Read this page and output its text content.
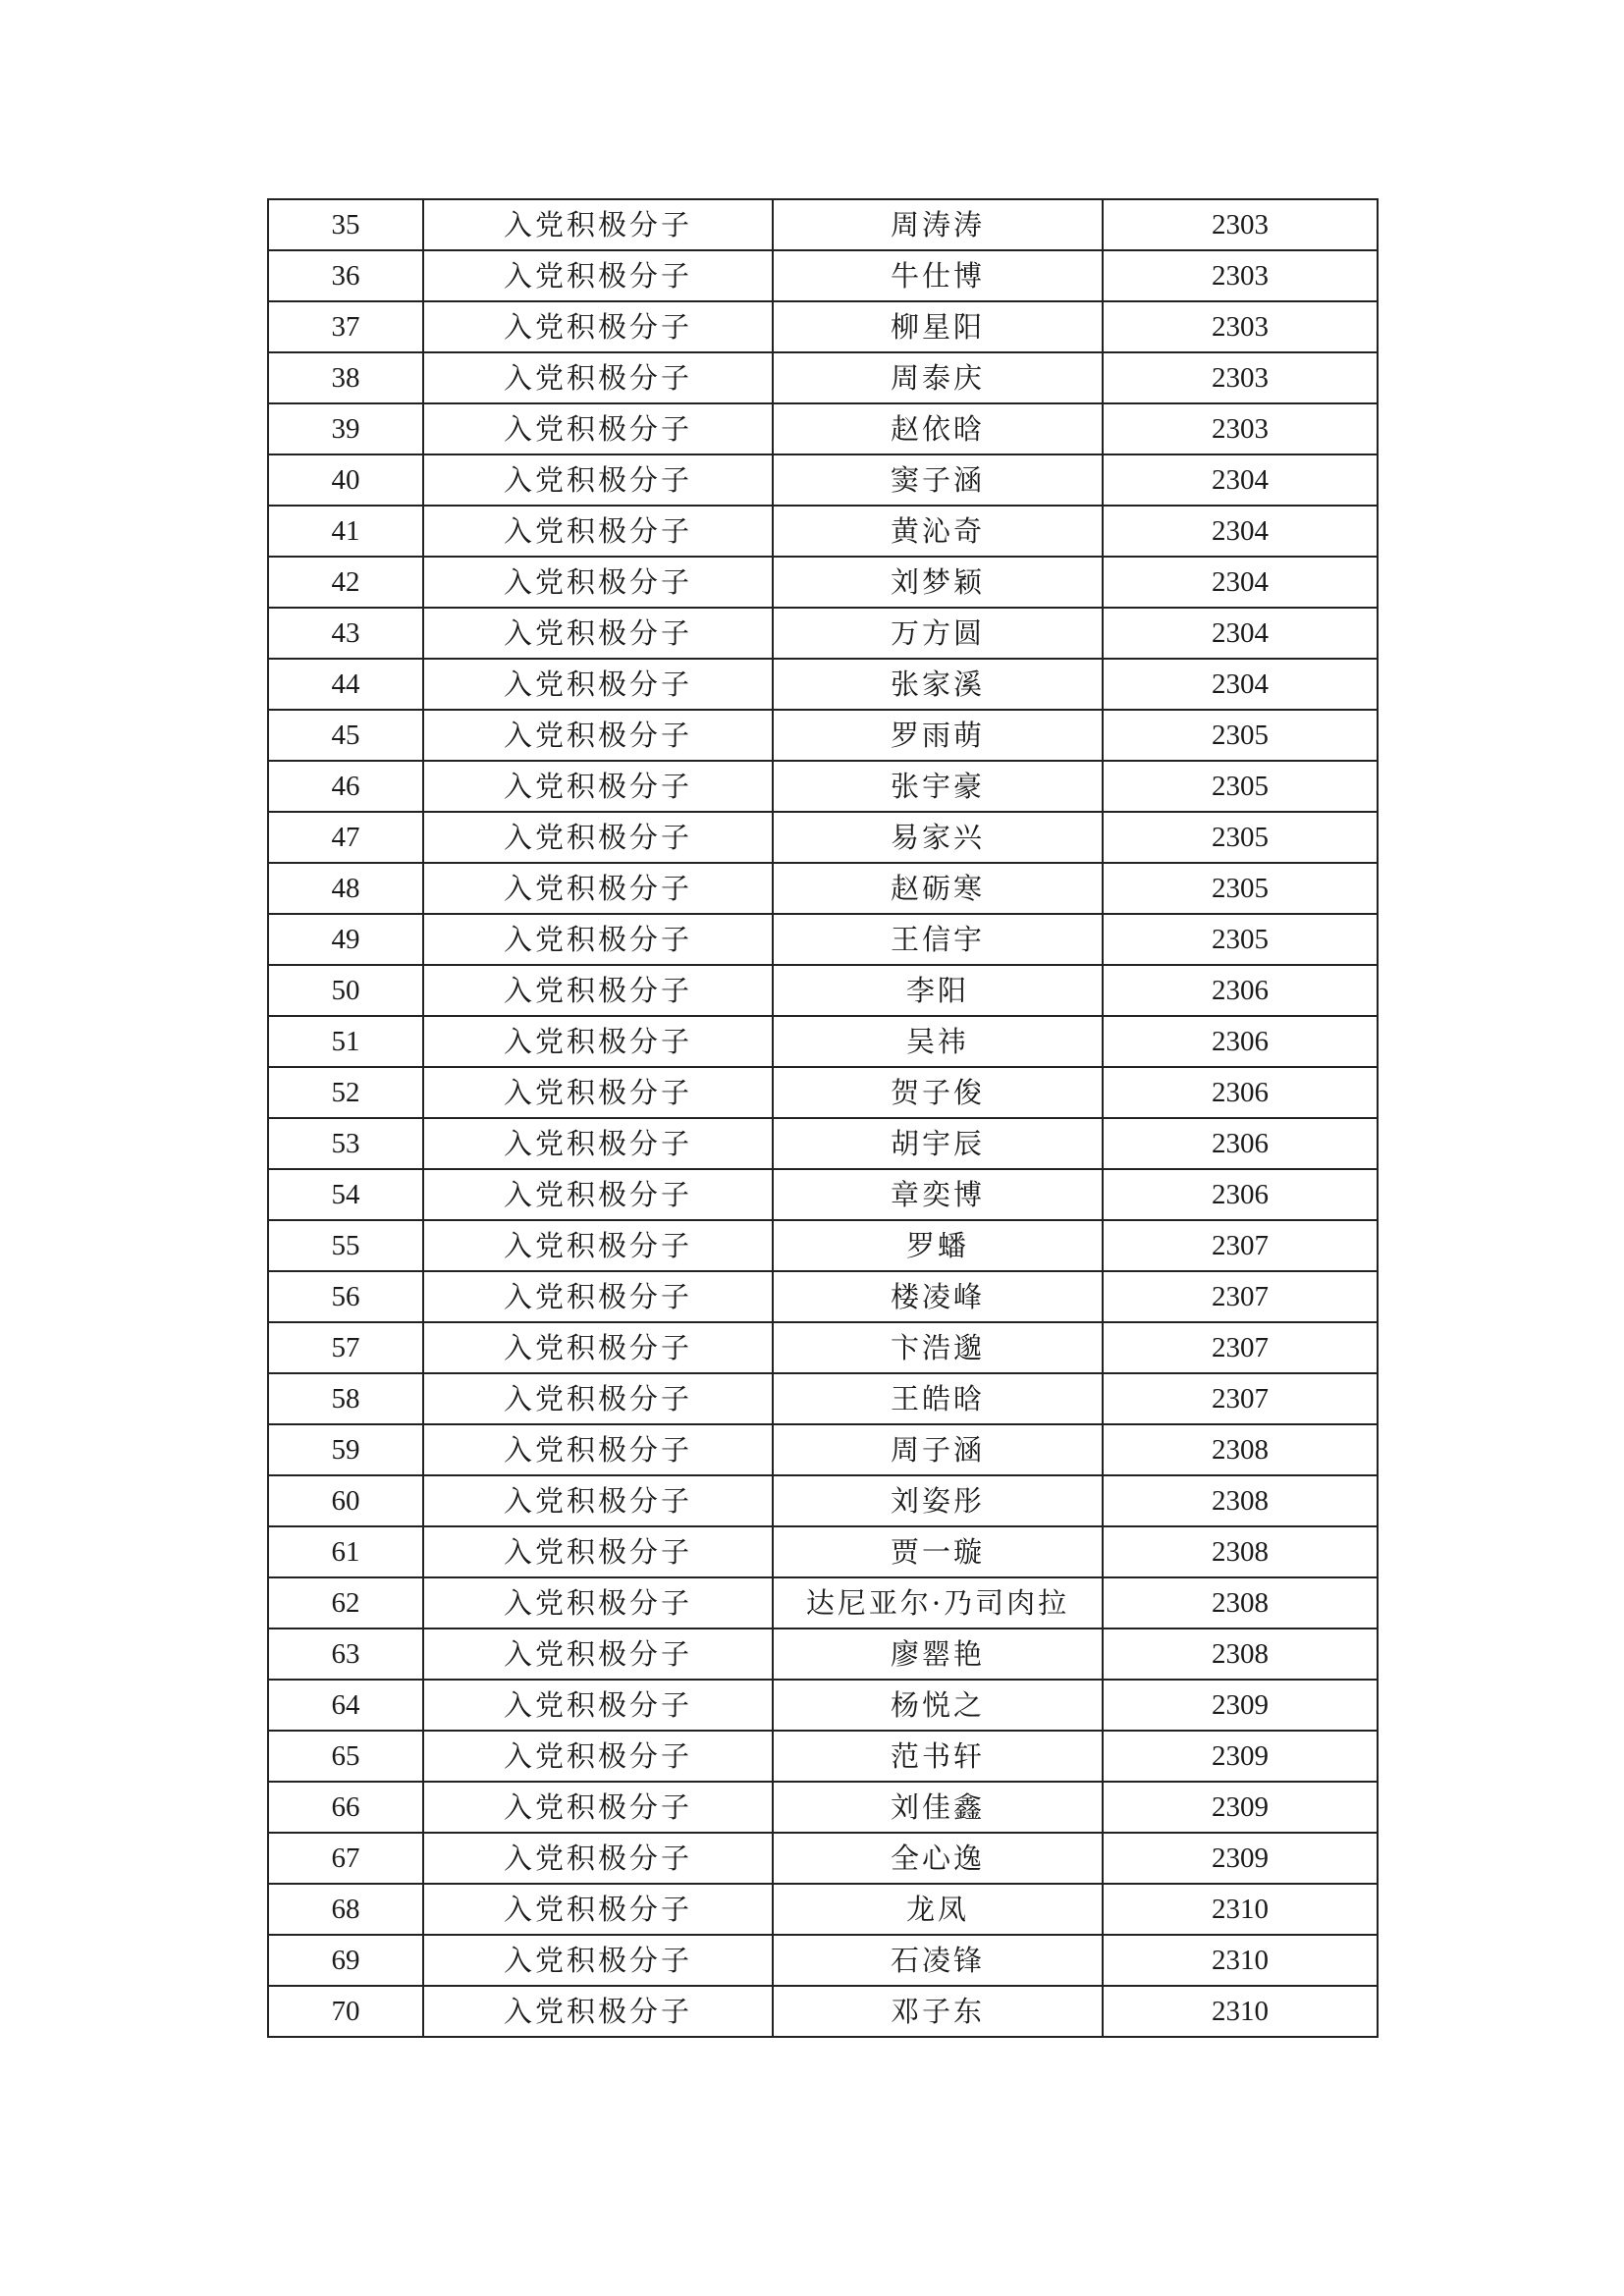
35	入党积极分子	周涛涛	2303
36	入党积极分子	牛仕博	2303
37	入党积极分子	柳星阳	2303
38	入党积极分子	周泰庆	2303
39	入党积极分子	赵依晗	2303
40	入党积极分子	窦子涵	2304
41	入党积极分子	黄沁奇	2304
42	入党积极分子	刘梦颖	2304
43	入党积极分子	万方圆	2304
44	入党积极分子	张家溪	2304
45	入党积极分子	罗雨萌	2305
46	入党积极分子	张宇豪	2305
47	入党积极分子	易家兴	2305
48	入党积极分子	赵砺寒	2305
49	入党积极分子	王信宇	2305
50	入党积极分子	李阳	2306
51	入党积极分子	吴祎	2306
52	入党积极分子	贺子俊	2306
53	入党积极分子	胡宇辰	2306
54	入党积极分子	章奕博	2306
55	入党积极分子	罗蟠	2307
56	入党积极分子	楼凌峰	2307
57	入党积极分子	卞浩邈	2307
58	入党积极分子	王皓晗	2307
59	入党积极分子	周子涵	2308
60	入党积极分子	刘姿彤	2308
61	入党积极分子	贾一璇	2308
62	入党积极分子	达尼亚尔·乃司肉拉	2308
63	入党积极分子	廖罂艳	2308
64	入党积极分子	杨悦之	2309
65	入党积极分子	范书轩	2309
66	入党积极分子	刘佳鑫	2309
67	入党积极分子	全心逸	2309
68	入党积极分子	龙凤	2310
69	入党积极分子	石凌锋	2310
70	入党积极分子	邓子东	2310
